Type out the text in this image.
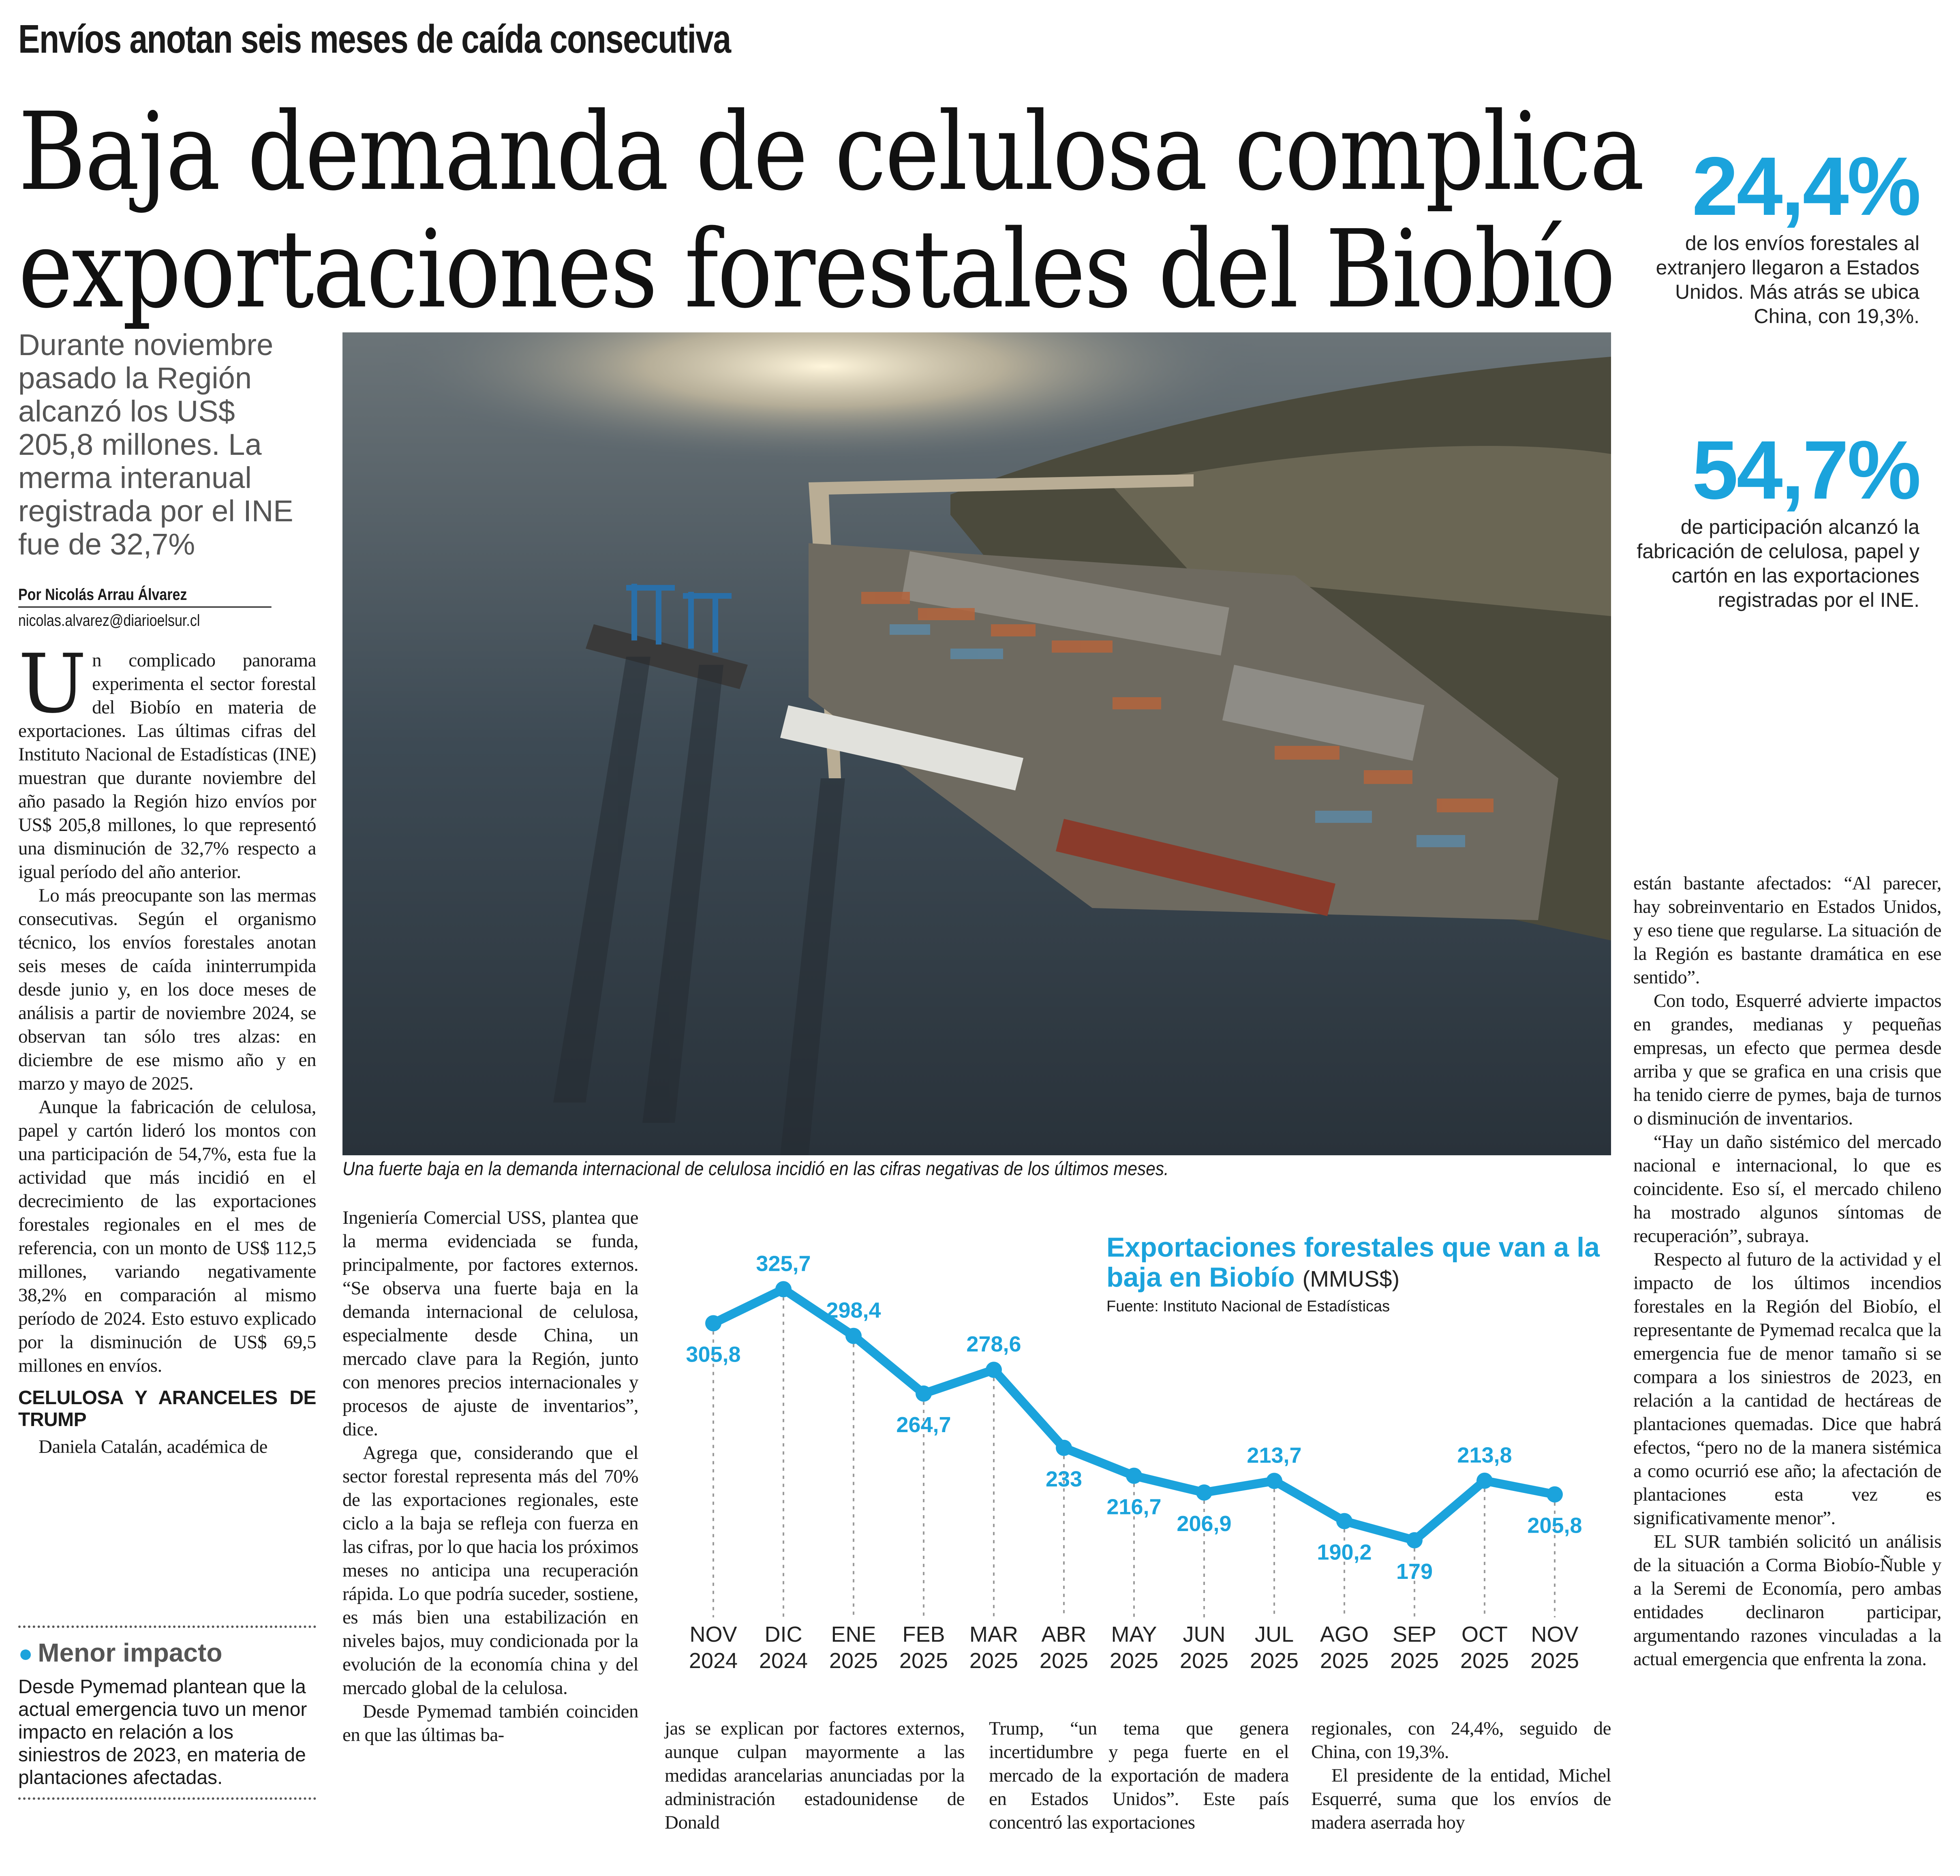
Envíos anotan seis meses de caída consecutiva
Baja demanda de celulosa complica
exportaciones forestales del Biobío
24,4%
de los envíos forestales al extranjero llegaron a Estados Unidos. Más atrás se ubica China, con 19,3%.
54,7%
de participación alcanzó la fabricación de celulosa, papel y cartón en las exportaciones registradas por el INE.
Durante noviembre pasado la Región alcanzó los US$ 205,8 millones. La merma interanual registrada por el INE fue de 32,7%
Por Nicolás Arrau Álvarez
nicolas.alvarez@diarioelsur.cl

Un complicado panorama experimenta el sector forestal del Biobío en materia de exportaciones. Las últimas cifras del Instituto Nacional de Estadísticas (INE) muestran que durante noviembre del año pasado la Región hizo envíos por US$ 205,8 millones, lo que representó una disminución de 32,7% respecto a igual período del año anterior.

Lo más preocupante son las mermas consecutivas. Según el organismo técnico, los envíos forestales anotan seis meses de caída ininterrumpida desde junio y, en los doce meses de análisis a partir de noviembre 2024, se observan tan sólo tres alzas: en diciembre de ese mismo año y en marzo y mayo de 2025.

Aunque la fabricación de celulosa, papel y cartón lideró los montos con una participación de 54,7%, esta fue la actividad que más incidió en el decrecimiento de las exportaciones forestales regionales en el mes de referencia, con un monto de US$ 112,5 millones, variando negativamente 38,2% en comparación al mismo período de 2024. Esto estuvo explicado por la disminución de US$ 69,5 millones en envíos.

CELULOSA Y ARANCELES DE TRUMP

Daniela Catalán, académica de

● Menor impacto
Desde Pymemad plantean que la actual emergencia tuvo un menor impacto en relación a los siniestros de 2023, en materia de plantaciones afectadas.
Una fuerte baja en la demanda internacional de celulosa incidió en las cifras negativas de los últimos meses.

Ingeniería Comercial USS, plantea que la merma evidenciada se funda, principalmente, por factores externos. “Se observa una fuerte baja en la demanda internacional de celulosa, especialmente desde China, un mercado clave para la Región, junto con menores precios internacionales y procesos de ajuste de inventarios”, dice.

Agrega que, considerando que el sector forestal representa más del 70% de las exportaciones regionales, este ciclo a la baja se refleja con fuerza en las cifras, por lo que hacia los próximos meses no anticipa una recuperación rápida. Lo que podría suceder, sostiene, es más bien una estabilización en niveles bajos, muy condicionada por la evolución de la economía china y del mercado global de la celulosa.

Desde Pymemad también coinciden en que las últimas ba-

305,8
325,7
298,4
264,7
278,6
233
216,7
206,9
213,7
190,2
179
213,8
205,8
NOV
2024
DIC
2024
ENE
2025
FEB
2025
MAR
2025
ABR
2025
MAY
2025
JUN
2025
JUL
2025
AGO
2025
SEP
2025
OCT
2025
NOV
2025
Exportaciones forestales que van a la baja en Biobío (MMUS$)
Fuente: Instituto Nacional de Estadísticas

jas se explican por factores externos, aunque culpan mayormente a las medidas arancelarias anunciadas por la administración estadounidense de Donald

Trump, “un tema que genera incertidumbre y pega fuerte en el mercado de la exportación de madera en Estados Unidos”. Este país concentró las exportaciones

regionales, con 24,4%, seguido de China, con 19,3%.

El presidente de la entidad, Michel Esquerré, suma que los envíos de madera aserrada hoy

están bastante afectados: “Al parecer, hay sobreinventario en Estados Unidos, y eso tiene que regularse. La situación de la Región es bastante dramática en ese sentido”.

Con todo, Esquerré advierte impactos en grandes, medianas y pequeñas empresas, un efecto que permea desde arriba y que se grafica en una crisis que ha tenido cierre de pymes, baja de turnos o disminución de inventarios.

“Hay un daño sistémico del mercado nacional e internacional, lo que es coincidente. Eso sí, el mercado chileno ha mostrado algunos síntomas de recuperación”, subraya.

Respecto al futuro de la actividad y el impacto de los últimos incendios forestales en la Región del Biobío, el representante de Pymemad recalca que la emergencia fue de menor tamaño si se compara a los siniestros de 2023, en relación a la cantidad de hectáreas de plantaciones quemadas. Dice que habrá efectos, “pero no de la manera sistémica a como ocurrió ese año; la afectación de plantaciones esta vez es significativamente menor”.

EL SUR también solicitó un análisis de la situación a Corma Biobío-Ñuble y a la Seremi de Economía, pero ambas entidades declinaron participar, argumentando razones vinculadas a la actual emergencia que enfrenta la zona.
